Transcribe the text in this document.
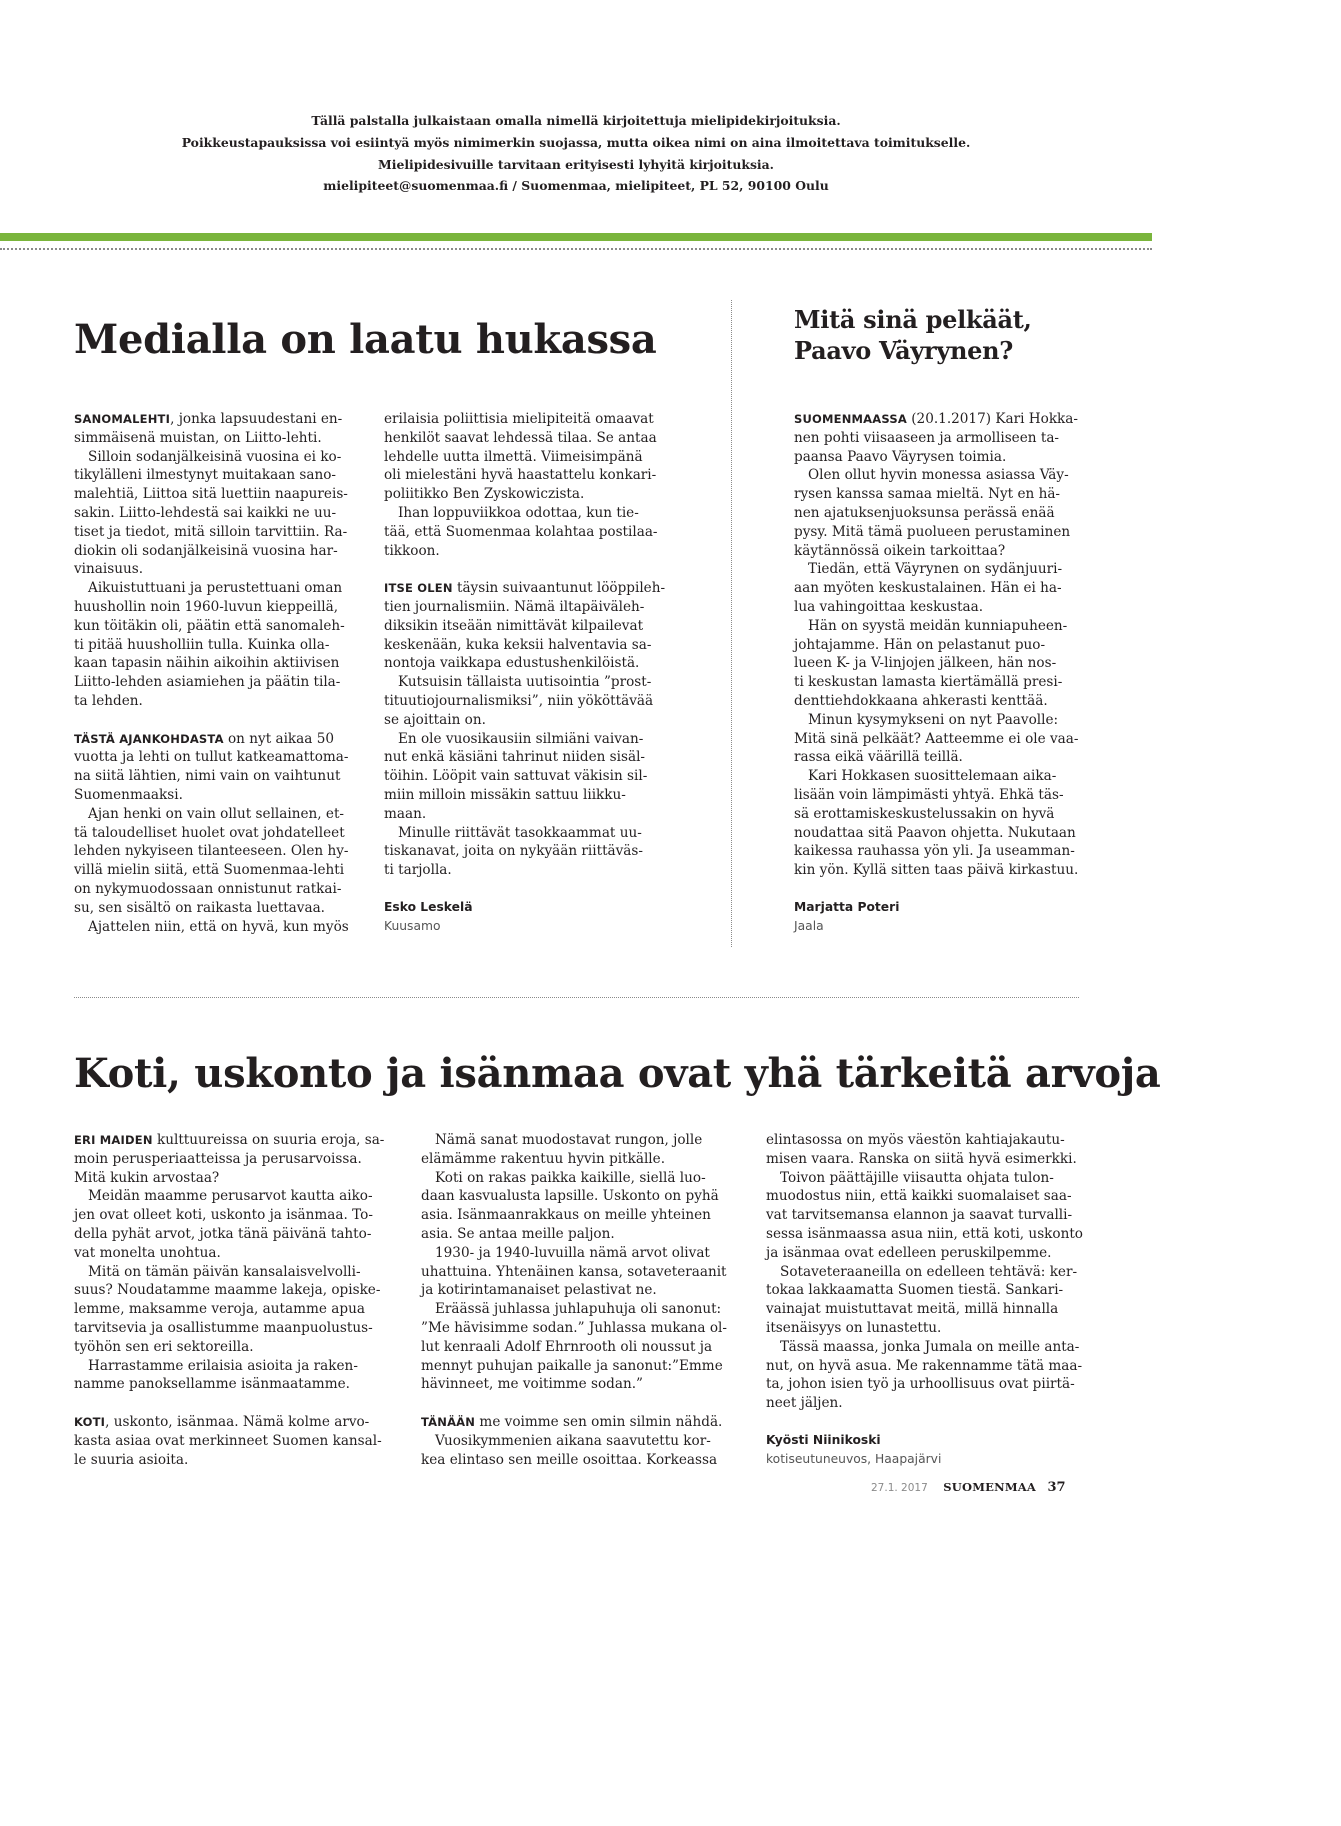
Tällä palstalla julkaistaan omalla nimellä kirjoitettuja mielipidekirjoituksia.
Poikkeustapauksissa voi esiintyä myös nimimerkin suojassa, mutta oikea nimi on aina ilmoitettava toimitukselle.
Mielipidesivuille tarvitaan erityisesti lyhyitä kirjoituksia.
mielipiteet@suomenmaa.fi / Suomenmaa, mielipiteet, PL 52, 90100 Oulu
Medialla on laatu hukassa
SANOMALEHTI, jonka lapsuudestani en-
simmäisenä muistan, on Liitto-lehti.
Silloin sodanjälkeisinä vuosina ei ko-
tikylälleni ilmestynyt muitakaan sano-
malehtiä, Liittoa sitä luettiin naapureis-
sakin. Liitto-lehdestä sai kaikki ne uu-
tiset ja tiedot, mitä silloin tarvittiin. Ra-
diokin oli sodanjälkeisinä vuosina har-
vinaisuus.
Aikuistuttuani ja perustettuani oman
huushollin noin 1960-luvun kieppeillä,
kun töitäkin oli, päätin että sanomaleh-
ti pitää huusholliin tulla. Kuinka olla-
kaan tapasin näihin aikoihin aktiivisen
Liitto-lehden asiamiehen ja päätin tila-
ta lehden.
TÄSTÄ AJANKOHDASTA on nyt aikaa 50
vuotta ja lehti on tullut katkeamattoma-
na siitä lähtien, nimi vain on vaihtunut
Suomenmaaksi.
Ajan henki on vain ollut sellainen, et-
tä taloudelliset huolet ovat johdatelleet
lehden nykyiseen tilanteeseen. Olen hy-
villä mielin siitä, että Suomenmaa-lehti
on nykymuodossaan onnistunut ratkai-
su, sen sisältö on raikasta luettavaa.
Ajattelen niin, että on hyvä, kun myös
erilaisia poliittisia mielipiteitä omaavat
henkilöt saavat lehdessä tilaa. Se antaa
lehdelle uutta ilmettä. Viimeisimpänä
oli mielestäni hyvä haastattelu konkari-
poliitikko Ben Zyskowiczista.
Ihan loppuviikkoa odottaa, kun tie-
tää, että Suomenmaa kolahtaa postilaa-
tikkoon.
ITSE OLEN täysin suivaantunut lööppileh-
tien journalismiin. Nämä iltapäiväleh-
diksikin itseään nimittävät kilpailevat
keskenään, kuka keksii halventavia sa-
nontoja vaikkapa edustushenkilöistä.
Kutsuisin tällaista uutisointia ”prost-
tituutiojournalismiksi”, niin yököttävää
se ajoittain on.
En ole vuosikausiin silmiäni vaivan-
nut enkä käsiäni tahrinut niiden sisäl-
töihin. Lööpit vain sattuvat väkisin sil-
miin milloin missäkin sattuu liikku-
maan.
Minulle riittävät tasokkaammat uu-
tiskanavat, joita on nykyään riittäväs-
ti tarjolla.
Esko Leskelä
Kuusamo
Mitä sinä pelkäät,
Paavo Väyrynen?
SUOMENMAASSA (20.1.2017) Kari Hokka-
nen pohti viisaaseen ja armolliseen ta-
paansa Paavo Väyrysen toimia.
Olen ollut hyvin monessa asiassa Väy-
rysen kanssa samaa mieltä. Nyt en hä-
nen ajatuksenjuoksunsa perässä enää
pysy. Mitä tämä puolueen perustaminen
käytännössä oikein tarkoittaa?
Tiedän, että Väyrynen on sydänjuuri-
aan myöten keskustalainen. Hän ei ha-
lua vahingoittaa keskustaa.
Hän on syystä meidän kunniapuheen-
johtajamme. Hän on pelastanut puo-
lueen K- ja V-linjojen jälkeen, hän nos-
ti keskustan lamasta kiertämällä presi-
denttiehdokkaana ahkerasti kenttää.
Minun kysymykseni on nyt Paavolle:
Mitä sinä pelkäät? Aatteemme ei ole vaa-
rassa eikä väärillä teillä.
Kari Hokkasen suosittelemaan aika-
lisään voin lämpimästi yhtyä. Ehkä täs-
sä erottamiskeskustelussakin on hyvä
noudattaa sitä Paavon ohjetta. Nukutaan
kaikessa rauhassa yön yli. Ja useamman-
kin yön. Kyllä sitten taas päivä kirkastuu.
Marjatta Poteri
Jaala
Koti, uskonto ja isänmaa ovat yhä tärkeitä arvoja
ERI MAIDEN kulttuureissa on suuria eroja, sa-
moin perusperiaatteissa ja perusarvoissa.
Mitä kukin arvostaa?
Meidän maamme perusarvot kautta aiko-
jen ovat olleet koti, uskonto ja isänmaa. To-
della pyhät arvot, jotka tänä päivänä tahto-
vat monelta unohtua.
Mitä on tämän päivän kansalaisvelvolli-
suus? Noudatamme maamme lakeja, opiske-
lemme, maksamme veroja, autamme apua
tarvitsevia ja osallistumme maanpuolustus-
työhön sen eri sektoreilla.
Harrastamme erilaisia asioita ja raken-
namme panoksellamme isänmaatamme.
KOTI, uskonto, isänmaa. Nämä kolme arvo-
kasta asiaa ovat merkinneet Suomen kansal-
le suuria asioita.
Nämä sanat muodostavat rungon, jolle
elämämme rakentuu hyvin pitkälle.
Koti on rakas paikka kaikille, siellä luo-
daan kasvualusta lapsille. Uskonto on pyhä
asia. Isänmaanrakkaus on meille yhteinen
asia. Se antaa meille paljon.
1930- ja 1940-luvuilla nämä arvot olivat
uhattuina. Yhtenäinen kansa, sotaveteraanit
ja kotirintamanaiset pelastivat ne.
Eräässä juhlassa juhlapuhuja oli sanonut:
”Me hävisimme sodan.” Juhlassa mukana ol-
lut kenraali Adolf Ehrnrooth oli noussut ja
mennyt puhujan paikalle ja sanonut:”Emme
hävinneet, me voitimme sodan.”
TÄNÄÄN me voimme sen omin silmin nähdä.
Vuosikymmenien aikana saavutettu kor-
kea elintaso sen meille osoittaa. Korkeassa
elintasossa on myös väestön kahtiajakautu-
misen vaara. Ranska on siitä hyvä esimerkki.
Toivon päättäjille viisautta ohjata tulon-
muodostus niin, että kaikki suomalaiset saa-
vat tarvitsemansa elannon ja saavat turvalli-
sessa isänmaassa asua niin, että koti, uskonto
ja isänmaa ovat edelleen peruskilpemme.
Sotaveteraaneilla on edelleen tehtävä: ker-
tokaa lakkaamatta Suomen tiestä. Sankari-
vainajat muistuttavat meitä, millä hinnalla
itsenäisyys on lunastettu.
Tässä maassa, jonka Jumala on meille anta-
nut, on hyvä asua. Me rakennamme tätä maa-
ta, johon isien työ ja urhoollisuus ovat piirtä-
neet jäljen.
Kyösti Niinikoski
kotiseutuneuvos, Haapajärvi
27.1. 2017 SUOMENMAA 37
